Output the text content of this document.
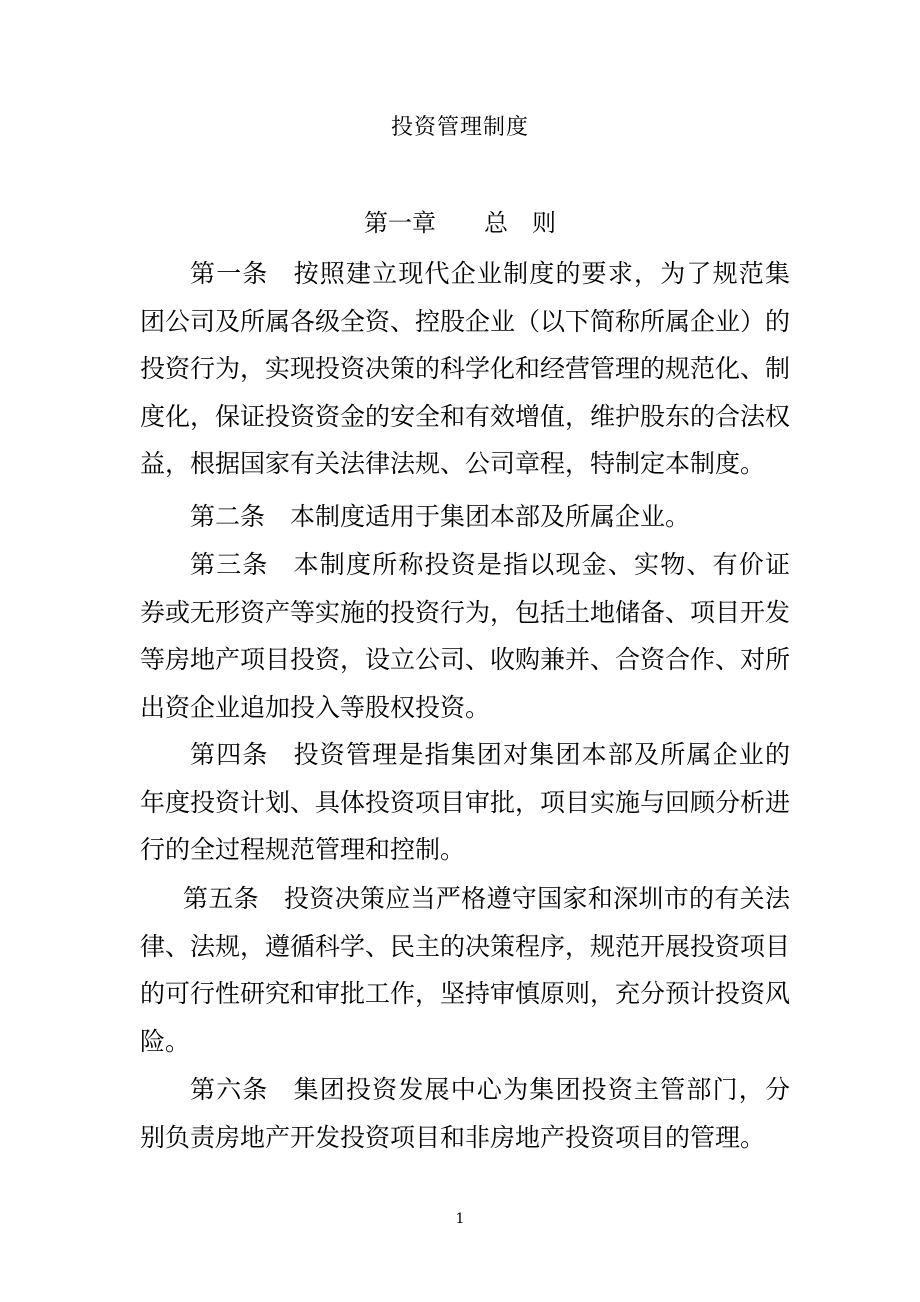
投资管理制度
第一章　　总　则

第一条 按照建立现代企业制度的要求，为了规范集团公司及所属各级全资、控股企业（以下简称所属企业）的投资行为，实现投资决策的科学化和经营管理的规范化、制度化，保证投资资金的安全和有效增值，维护股东的合法权益，根据国家有关法律法规、公司章程，特制定本制度。

第二条 本制度适用于集团本部及所属企业。

第三条 本制度所称投资是指以现金、实物、有价证券或无形资产等实施的投资行为，包括土地储备、项目开发等房地产项目投资，设立公司、收购兼并、合资合作、对所出资企业追加投入等股权投资。

第四条 投资管理是指集团对集团本部及所属企业的年度投资计划、具体投资项目审批，项目实施与回顾分析进行的全过程规范管理和控制。

第五条 投资决策应当严格遵守国家和深圳市的有关法律、法规，遵循科学、民主的决策程序，规范开展投资项目的可行性研究和审批工作，坚持审慎原则，充分预计投资风险。

第六条 集团投资发展中心为集团投资主管部门，分别负责房地产开发投资项目和非房地产投资项目的管理。

1
